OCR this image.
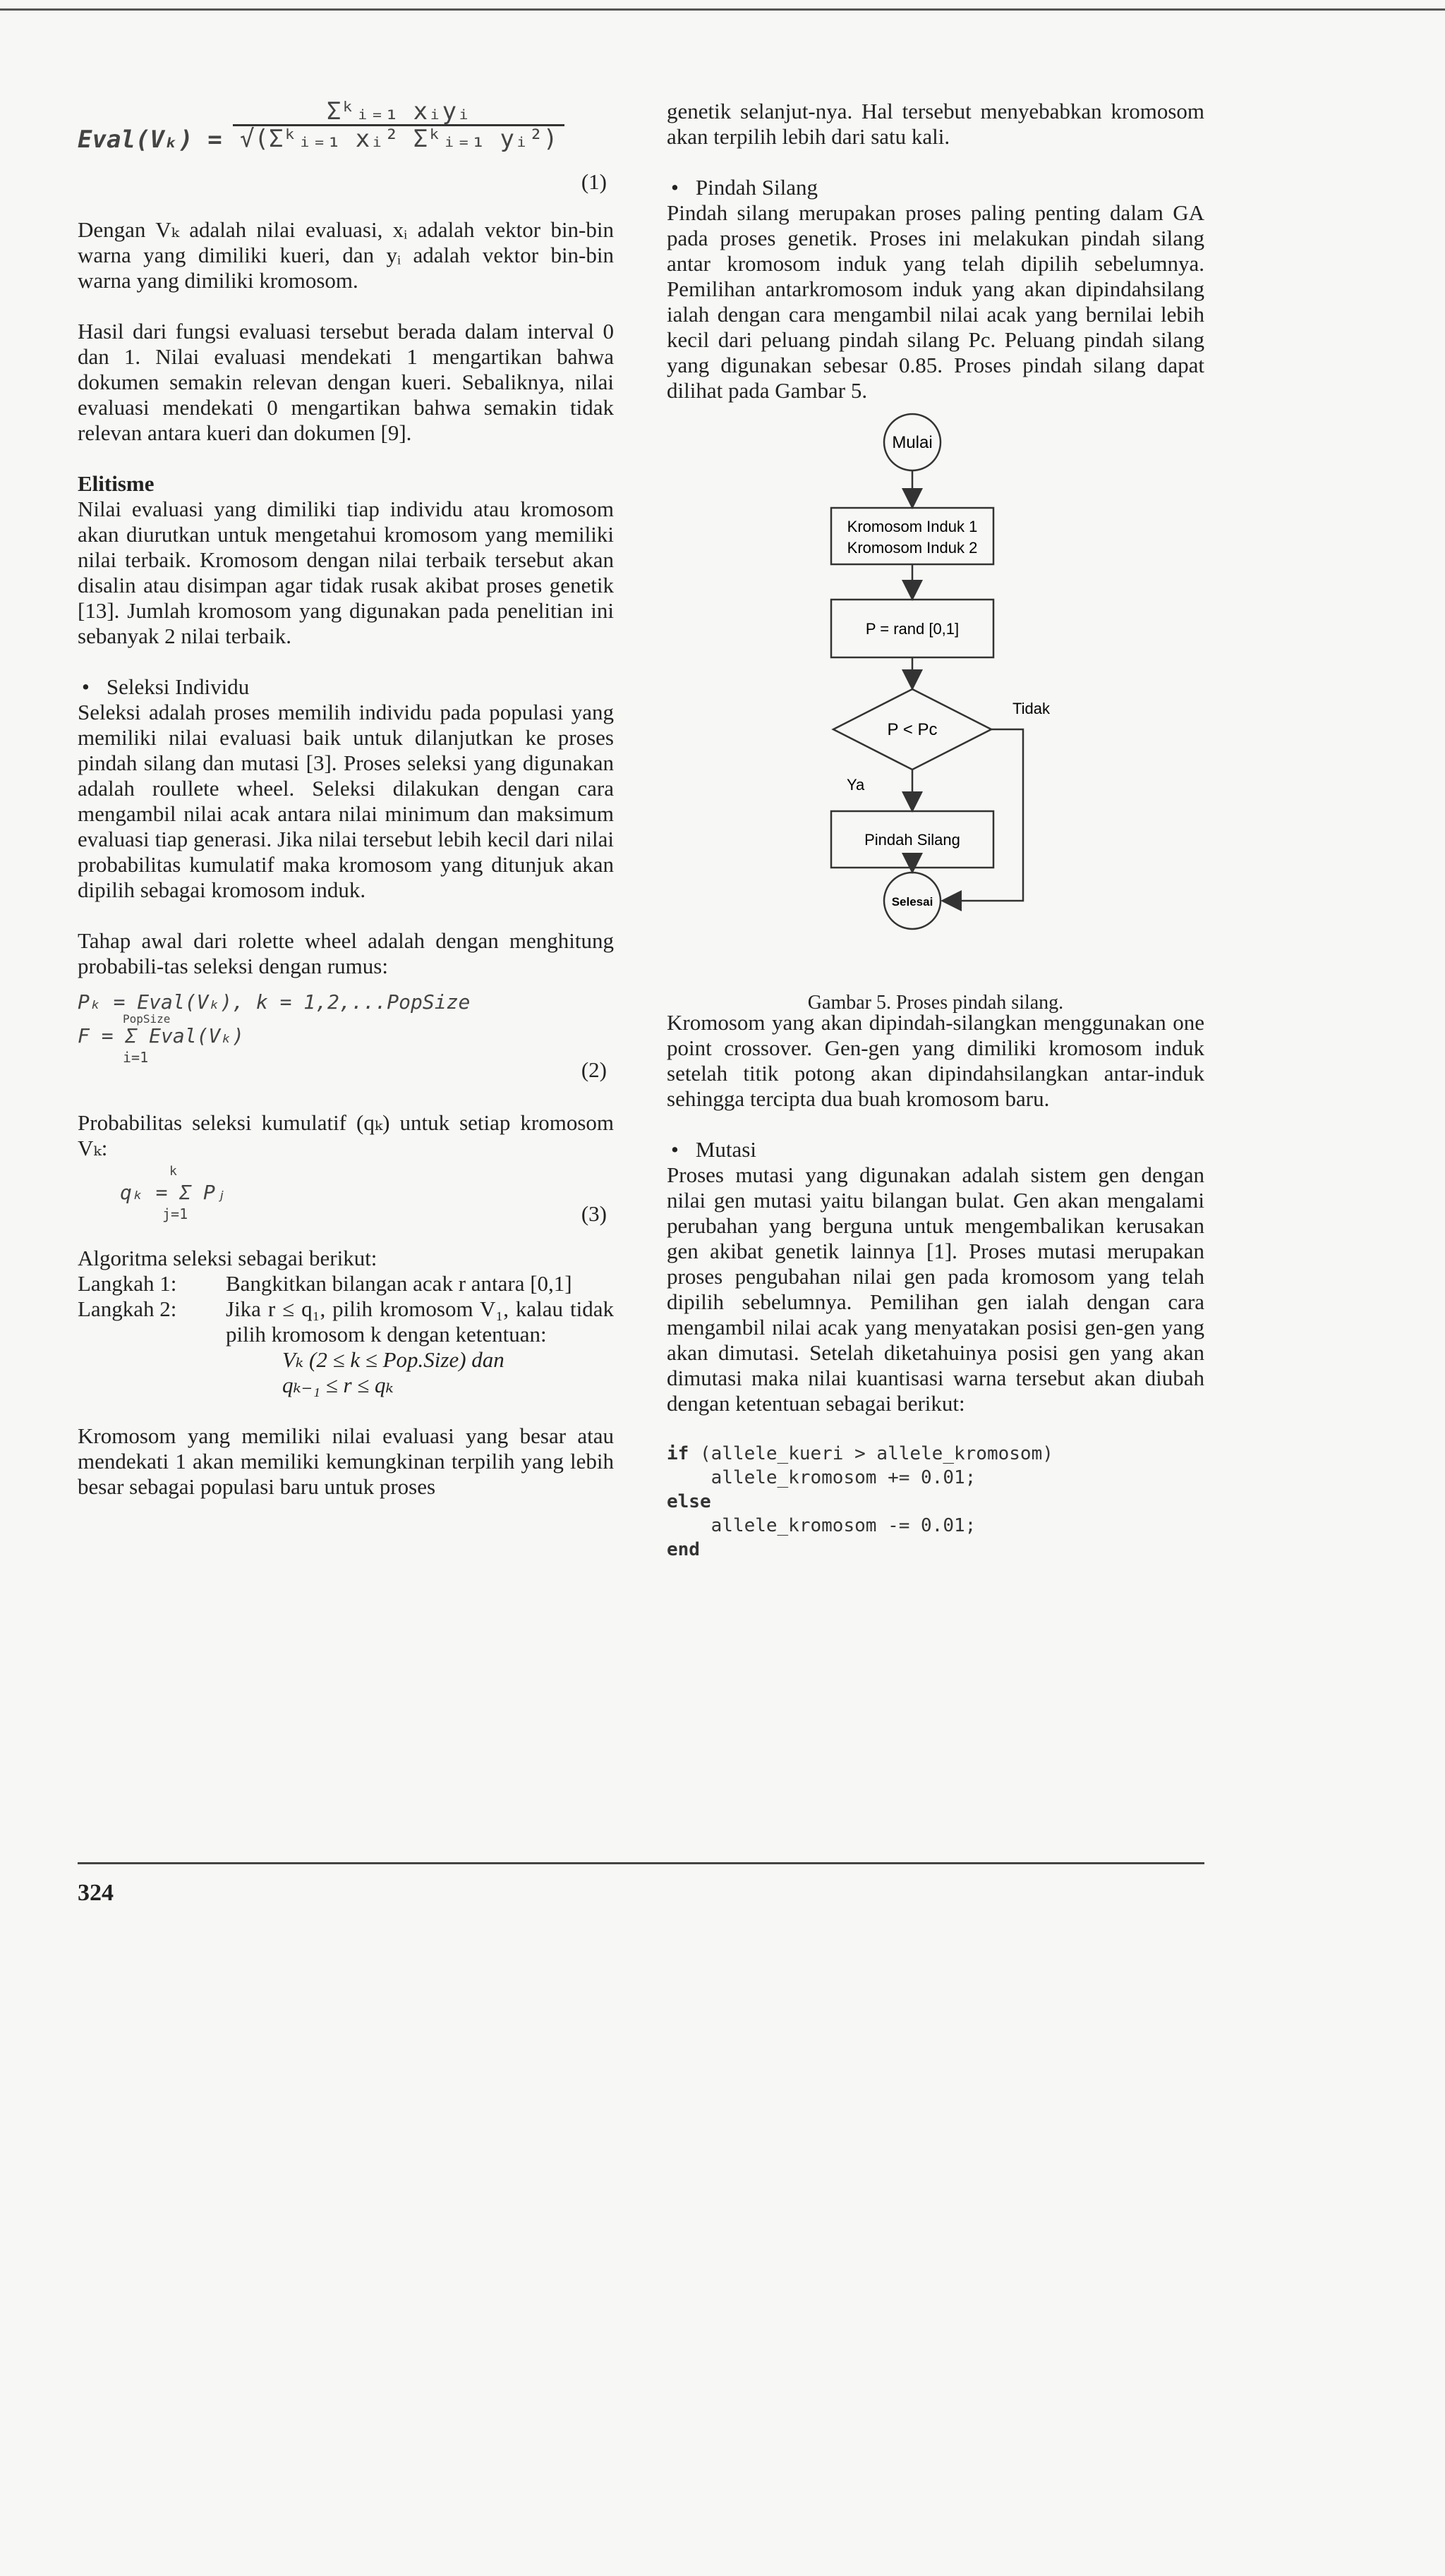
Eval(Vₖ) =
Σᵏᵢ₌₁ xᵢyᵢ
√(Σᵏᵢ₌₁ xᵢ² Σᵏᵢ₌₁ yᵢ²)
(1)

Dengan Vₖ adalah nilai evaluasi, xᵢ adalah vektor bin-bin warna yang dimiliki kueri, dan yᵢ adalah vektor bin-bin warna yang dimiliki kromosom.

Hasil dari fungsi evaluasi tersebut berada dalam interval 0 dan 1. Nilai evaluasi mendekati 1 mengartikan bahwa dokumen semakin relevan dengan kueri. Sebaliknya, nilai evaluasi mendekati 0 mengartikan bahwa semakin tidak relevan antara kueri dan dokumen [9].

Elitisme

Nilai evaluasi yang dimiliki tiap individu atau kromosom akan diurutkan untuk mengetahui kromosom yang memiliki nilai terbaik. Kromosom dengan nilai terbaik tersebut akan disalin atau disimpan agar tidak rusak akibat proses genetik [13]. Jumlah kromosom yang digunakan pada penelitian ini sebanyak 2 nilai terbaik.

• Seleksi Individu

Seleksi adalah proses memilih individu pada populasi yang memiliki nilai evaluasi baik untuk dilanjutkan ke proses pindah silang dan mutasi [3]. Proses seleksi yang digunakan adalah roullete wheel. Seleksi dilakukan dengan cara mengambil nilai acak antara nilai minimum dan maksimum evaluasi tiap generasi. Jika nilai tersebut lebih kecil dari nilai probabilitas kumulatif maka kromosom yang ditunjuk akan dipilih sebagai kromosom induk.

Tahap awal dari rolette wheel adalah dengan menghitung probabili-tas seleksi dengan rumus:

Pₖ = Eval(Vₖ), k = 1,2,...PopSize
PopSize
F = Σ Eval(Vₖ)
i=1	(2)

Probabilitas seleksi kumulatif (qₖ) untuk setiap kromosom Vₖ:

k
qₖ = Σ Pⱼ
j=1	(3)

Algoritma seleksi sebagai berikut:

Langkah 1:	Bangkitkan bilangan acak r antara [0,1]
Langkah 2:	Jika r ≤ q₁, pilih kromosom V₁, kalau tidak pilih kromosom k dengan ketentuan:

Vₖ (2 ≤ k ≤ Pop.Size) dan

qₖ₋₁ ≤ r ≤ qₖ

Kromosom yang memiliki nilai evaluasi yang besar atau mendekati 1 akan memiliki kemungkinan terpilih yang lebih besar sebagai populasi baru untuk proses

genetik selanjut-nya. Hal tersebut menyebabkan kromosom akan terpilih lebih dari satu kali.

• Pindah Silang

Pindah silang merupakan proses paling penting dalam GA pada proses genetik. Proses ini melakukan pindah silang antar kromosom induk yang telah dipilih sebelumnya. Pemilihan antarkromosom induk yang akan dipindahsilang ialah dengan cara mengambil nilai acak yang bernilai lebih kecil dari peluang pindah silang Pc. Peluang pindah silang yang digunakan sebesar 0.85. Proses pindah silang dapat dilihat pada Gambar 5.

Mulai
Kromosom Induk 1
Kromosom Induk 2
P = rand [0,1]
P < Pc
Tidak
Ya
Pindah Silang
Selesai
Gambar 5. Proses pindah silang.

Kromosom yang akan dipindah-silangkan menggunakan one point crossover. Gen-gen yang dimiliki kromosom induk setelah titik potong akan dipindahsilangkan antar-induk sehingga tercipta dua buah kromosom baru.

• Mutasi

Proses mutasi yang digunakan adalah sistem gen dengan nilai gen mutasi yaitu bilangan bulat. Gen akan mengalami perubahan yang berguna untuk mengembalikan kerusakan gen akibat genetik lainnya [1]. Proses mutasi merupakan proses pengubahan nilai gen pada kromosom yang telah dipilih sebelumnya. Pemilihan gen ialah dengan cara mengambil nilai acak yang menyatakan posisi gen-gen yang akan dimutasi. Setelah diketahuinya posisi gen yang akan dimutasi maka nilai kuantisasi warna tersebut akan diubah dengan ketentuan sebagai berikut:

if (allele_kueri > allele_kromosom)
allele_kromosom += 0.01;
else
allele_kromosom -= 0.01;
end
324
